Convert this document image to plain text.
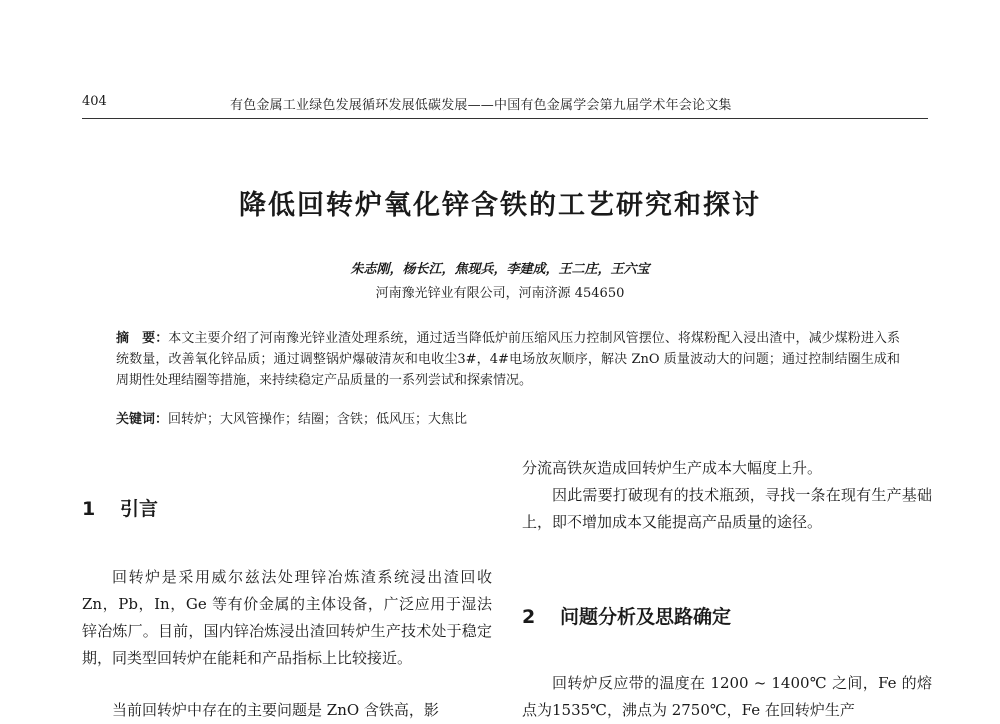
404	有色金属工业绿色发展循环发展低碳发展——中国有色金属学会第九届学术年会论文集
降低回转炉氧化锌含铁的工艺研究和探讨
朱志刚，杨长江，焦现兵，李建成，王二庄，王六宝
河南豫光锌业有限公司，河南济源 454650
摘　要：本文主要介绍了河南豫光锌业渣处理系统，通过适当降低炉前压缩风压力控制风管摆位、将煤粉配入浸出渣中，减少煤粉进入系统数量，改善氧化锌品质；通过调整锅炉爆破清灰和电收尘3#，4#电场放灰顺序，解决 ZnO 质量波动大的问题；通过控制结圈生成和周期性处理结圈等措施，来持续稳定产品质量的一系列尝试和探索情况。
关键词：回转炉；大风管操作；结圈；含铁；低风压；大焦比
1 引言

回转炉是采用威尔兹法处理锌冶炼渣系统浸出渣回收 Zn，Pb，In，Ge 等有价金属的主体设备，广泛应用于湿法锌冶炼厂。目前，国内锌冶炼浸出渣回转炉生产技术处于稳定期，同类型回转炉在能耗和产品指标上比较接近。

当前回转炉中存在的主要问题是 ZnO 含铁高，影

分流高铁灰造成回转炉生产成本大幅度上升。

因此需要打破现有的技术瓶颈，寻找一条在现有生产基础上，即不增加成本又能提高产品质量的途径。

2 问题分析及思路确定

回转炉反应带的温度在 1200 ~ 1400℃ 之间，Fe 的熔点为1535℃，沸点为 2750℃，Fe 在回转炉生产
